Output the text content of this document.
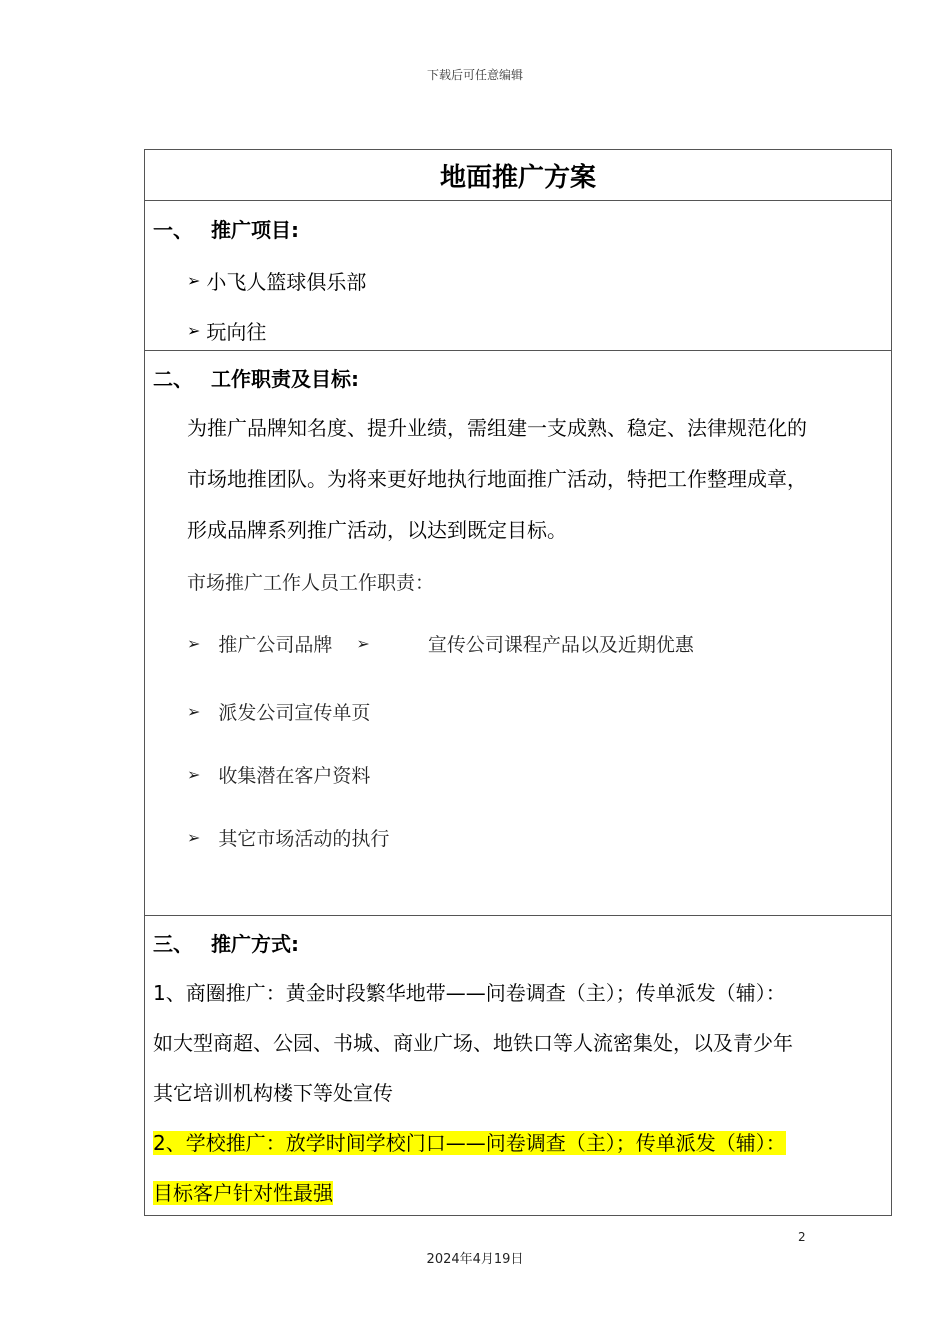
下载后可任意编辑
地面推广方案
一、 推广项目:
➢ 小飞人篮球俱乐部
➢ 玩向往
二、 工作职责及目标:

为推广品牌知名度、提升业绩，需组建一支成熟、稳定、法律规范化的

市场地推团队。为将来更好地执行地面推广活动，特把工作整理成章，

形成品牌系列推广活动，以达到既定目标。

市场推广工作人员工作职责：
➢ 推广公司品牌 ➢	宣传公司课程产品以及近期优惠
➢ 派发公司宣传单页
➢ 收集潜在客户资料
➢ 其它市场活动的执行
三、 推广方式:

1、商圈推广：黄金时段繁华地带——问卷调查（主）；传单派发（辅）：

如大型商超、公园、书城、商业广场、地铁口等人流密集处，以及青少年

其它培训机构楼下等处宣传

2、学校推广：放学时间学校门口——问卷调查（主）；传单派发（辅）：

目标客户针对性最强

2
2024年4月19日
